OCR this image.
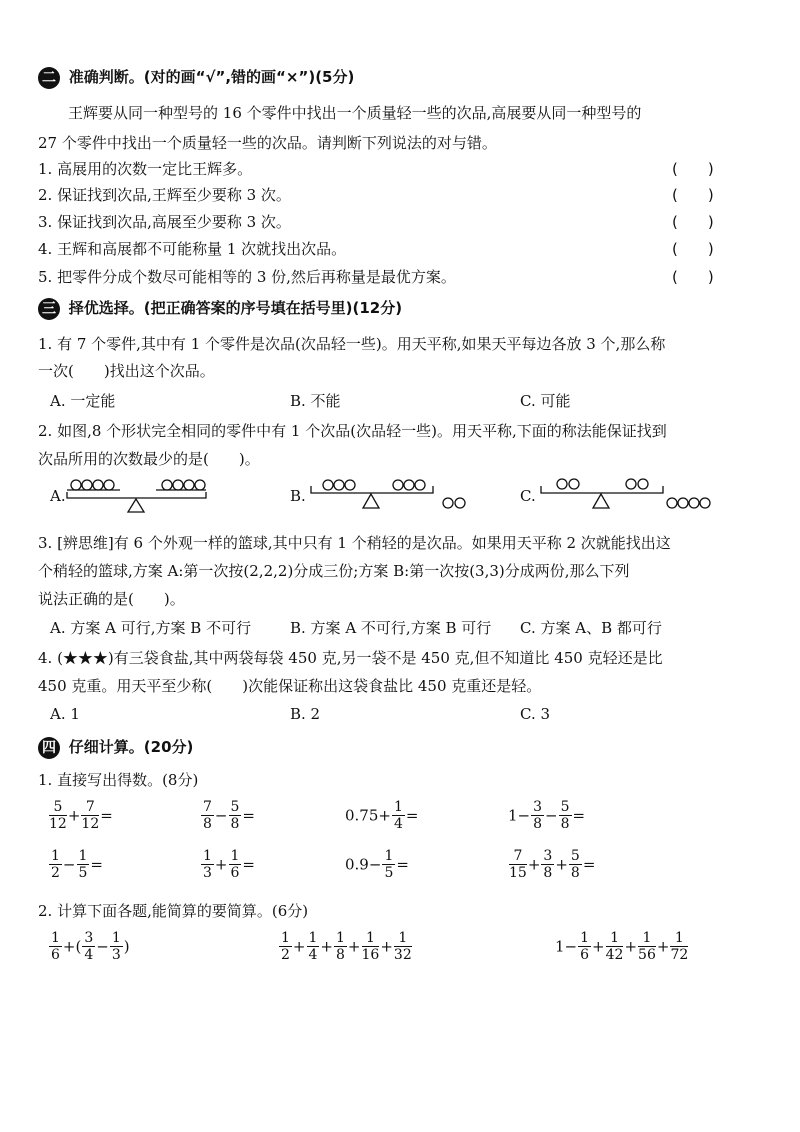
二 准确判断。(对的画“√”,错的画“×”)(5分)
王辉要从同一种型号的 16 个零件中找出一个质量轻一些的次品,高展要从同一种型号的
27 个零件中找出一个质量轻一些的次品。请判断下列说法的对与错。
1. 高展用的次数一定比王辉多。	(　　)
2. 保证找到次品,王辉至少要称 3 次。	(　　)
3. 保证找到次品,高展至少要称 3 次。	(　　)
4. 王辉和高展都不可能称量 1 次就找出次品。	(　　)
5. 把零件分成个数尽可能相等的 3 份,然后再称量是最优方案。	(　　)
三 择优选择。(把正确答案的序号填在括号里)(12分)
1. 有 7 个零件,其中有 1 个零件是次品(次品轻一些)。用天平称,如果天平每边各放 3 个,那么称
一次(　　)找出这个次品。
A. 一定能	B. 不能	C. 可能
2. 如图,8 个形状完全相同的零件中有 1 个次品(次品轻一些)。用天平称,下面的称法能保证找到
次品所用的次数最少的是(　　)。
A.	B.	C.
3. [辨思维]有 6 个外观一样的篮球,其中只有 1 个稍轻的是次品。如果用天平称 2 次就能找出这
个稍轻的篮球,方案 A:第一次按(2,2,2)分成三份;方案 B:第一次按(3,3)分成两份,那么下列
说法正确的是(　　)。
A. 方案 A 可行,方案 B 不可行	B. 方案 A 不可行,方案 B 可行 C. 方案 A、B 都可行
4. (★★★)有三袋食盐,其中两袋每袋 450 克,另一袋不是 450 克,但不知道比 450 克轻还是比
450 克重。用天平至少称(　　)次能保证称出这袋食盐比 450 克重还是轻。
A. 1	B. 2	C. 3
四 仔细计算。(20分)
1. 直接写出得数。(8分)
$\frac{5}{12} + \frac{7}{12}$ =	$\frac{7}{8} - \frac{5}{8}$ =	$0.75+ \frac{1}{4}$ =	$1- \frac{3}{8} - \frac{5}{8}$ =
$\frac{1}{2} - \frac{1}{5}$ =	$\frac{1}{3} + \frac{1}{6}$ =	$0.9- \frac{1}{5}$ =	$\frac{7}{15} + \frac{3}{8} + \frac{5}{8}$ =
2. 计算下面各题,能简算的要简算。(6分)
$\frac{1}{6}$ +( $\frac{3}{4} - \frac{1}{3}$ )	$\frac{1}{2} + \frac{1}{4} + \frac{1}{8} + \frac{1}{16} + \frac{1}{32}$	$1- \frac{1}{6} + \frac{1}{42} + \frac{1}{56} + \frac{1}{72}$
